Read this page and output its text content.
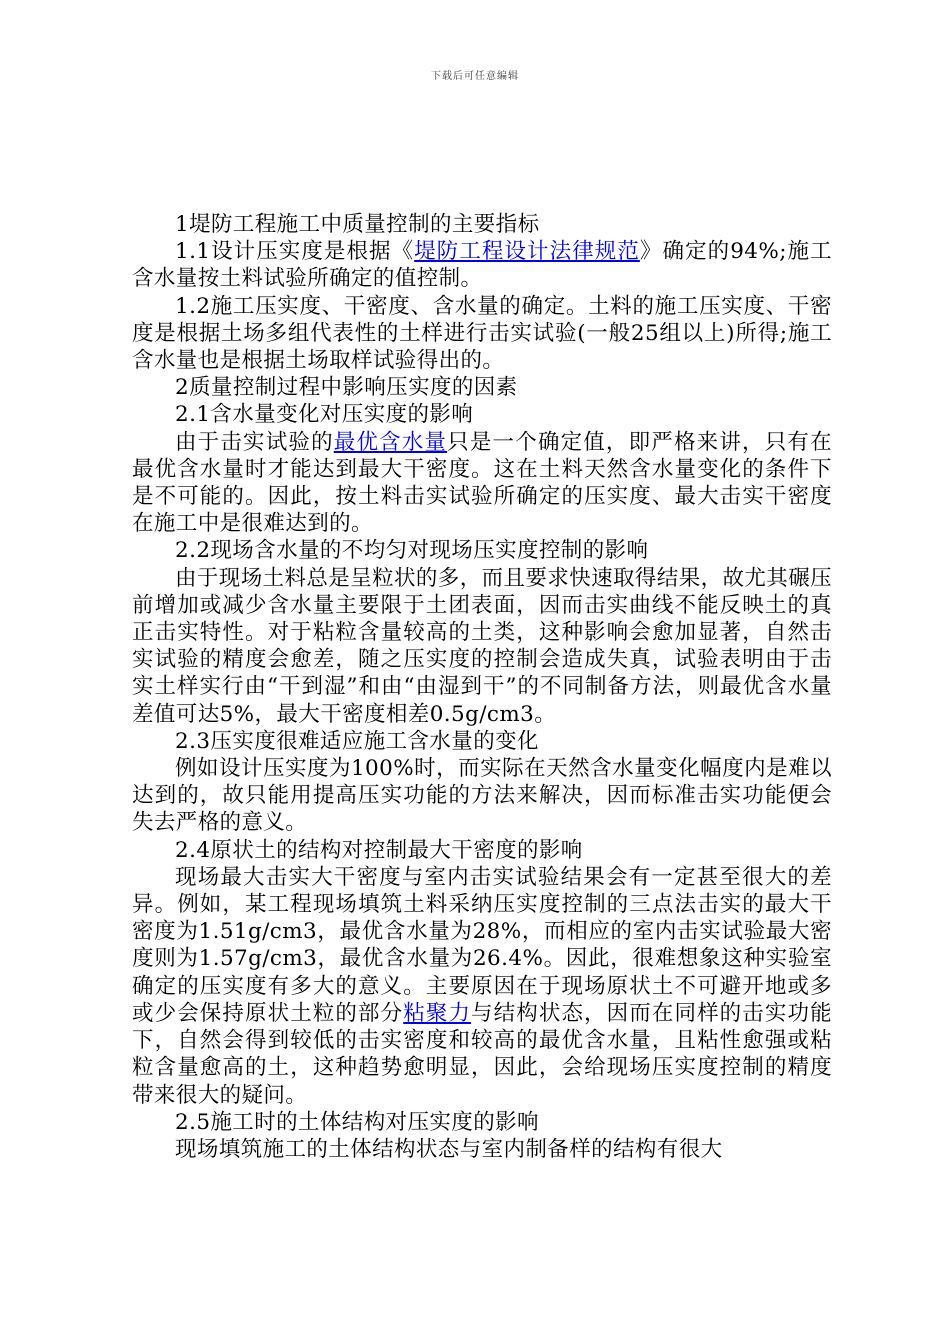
下载后可任意编辑

1堤防工程施工中质量控制的主要指标

1.1设计压实度是根据《堤防工程设计法律规范》确定的94%;施工含水量按土料试验所确定的值控制。

1.2施工压实度、干密度、含水量的确定。土料的施工压实度、干密度是根据土场多组代表性的土样进行击实试验(一般25组以上)所得;施工含水量也是根据土场取样试验得出的。

2质量控制过程中影响压实度的因素

2.1含水量变化对压实度的影响

由于击实试验的最优含水量只是一个确定值，即严格来讲，只有在最优含水量时才能达到最大干密度。这在土料天然含水量变化的条件下是不可能的。因此，按土料击实试验所确定的压实度、最大击实干密度在施工中是很难达到的。

2.2现场含水量的不均匀对现场压实度控制的影响

由于现场土料总是呈粒状的多，而且要求快速取得结果，故尤其碾压前增加或减少含水量主要限于土团表面，因而击实曲线不能反映土的真正击实特性。对于粘粒含量较高的土类，这种影响会愈加显著，自然击实试验的精度会愈差，随之压实度的控制会造成失真，试验表明由于击实土样实行由“干到湿”和由“由湿到干”的不同制备方法，则最优含水量差值可达5%，最大干密度相差0.5g/cm3。

2.3压实度很难适应施工含水量的变化

例如设计压实度为100%时，而实际在天然含水量变化幅度内是难以达到的，故只能用提高压实功能的方法来解决，因而标准击实功能便会失去严格的意义。

2.4原状土的结构对控制最大干密度的影响

现场最大击实大干密度与室内击实试验结果会有一定甚至很大的差异。例如，某工程现场填筑土料采纳压实度控制的三点法击实的最大干密度为1.51g/cm3，最优含水量为28%，而相应的室内击实试验最大密度则为1.57g/cm3，最优含水量为26.4%。因此，很难想象这种实验室确定的压实度有多大的意义。主要原因在于现场原状土不可避开地或多或少会保持原状土粒的部分粘聚力与结构状态，因而在同样的击实功能下，自然会得到较低的击实密度和较高的最优含水量，且粘性愈强或粘粒含量愈高的土，这种趋势愈明显，因此，会给现场压实度控制的精度带来很大的疑问。

2.5施工时的土体结构对压实度的影响

现场填筑施工的土体结构状态与室内制备样的结构有很大
